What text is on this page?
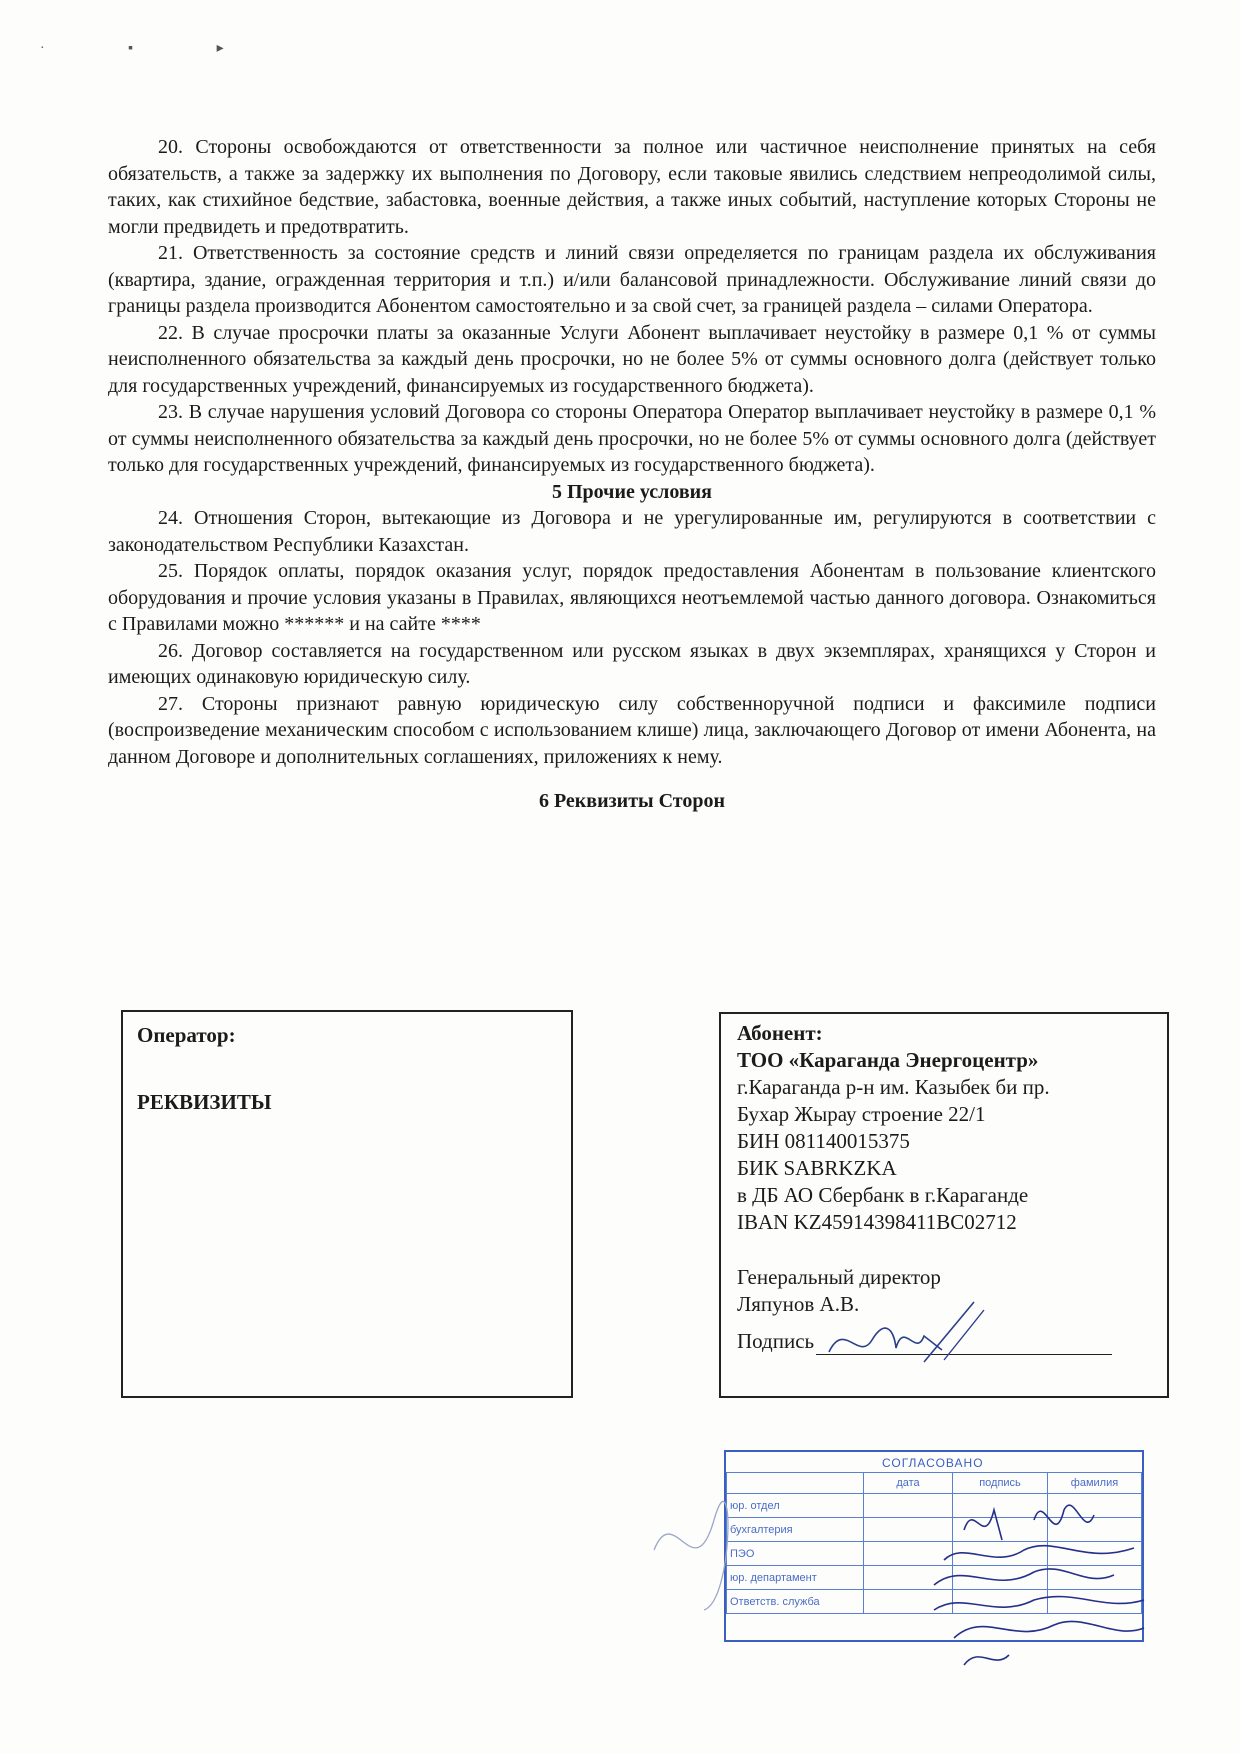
· ▪ ▸

20. Стороны освобождаются от ответственности за полное или частичное неисполнение принятых на себя обязательств, а также за задержку их выполнения по Договору, если таковые явились следствием непреодолимой силы, таких, как стихийное бедствие, забастовка, военные действия, а также иных событий, наступление которых Стороны не могли предвидеть и предотвратить.

21. Ответственность за состояние средств и линий связи определяется по границам раздела их обслуживания (квартира, здание, огражденная территория и т.п.) и/или балансовой принадлежности. Обслуживание линий связи до границы раздела производится Абонентом самостоятельно и за свой счет, за границей раздела – силами Оператора.

22. В случае просрочки платы за оказанные Услуги Абонент выплачивает неустойку в размере 0,1 % от суммы неисполненного обязательства за каждый день просрочки, но не более 5% от суммы основного долга (действует только для государственных учреждений, финансируемых из государственного бюджета).

23. В случае нарушения условий Договора со стороны Оператора Оператор выплачивает неустойку в размере 0,1 % от суммы неисполненного обязательства за каждый день просрочки, но не более 5% от суммы основного долга (действует только для государственных учреждений, финансируемых из государственного бюджета).

5 Прочие условия

24. Отношения Сторон, вытекающие из Договора и не урегулированные им, регулируются в соответствии с законодательством Республики Казахстан.

25. Порядок оплаты, порядок оказания услуг, порядок предоставления Абонентам в пользование клиентского оборудования и прочие условия указаны в Правилах, являющихся неотъемлемой частью данного договора. Ознакомиться с Правилами можно ****** и на сайте ****

26. Договор составляется на государственном или русском языках в двух экземплярах, хранящихся у Сторон и имеющих одинаковую юридическую силу.

27. Стороны признают равную юридическую силу собственноручной подписи и факсимиле подписи (воспроизведение механическим способом с использованием клише) лица, заключающего Договор от имени Абонента, на данном Договоре и дополнительных соглашениях, приложениях к нему.

6 Реквизиты Сторон

Оператор:
РЕКВИЗИТЫ
Абонент:
ТОО «Караганда Энергоцентр»
г.Караганда р-н им. Казыбек би пр.
Бухар Жырау строение 22/1
БИН 081140015375
БИК SABRKZKA
в ДБ АО Сбербанк в г.Караганде
IBAN KZ45914398411BC02712
Генеральный директор
Ляпунов А.В.
Подпись
СОГЛАСОВАНО
	дата	подпись	фамилия
юр. отдел			
бухгалтерия			
ПЭО			
юр. департамент			
Ответств. служба			
